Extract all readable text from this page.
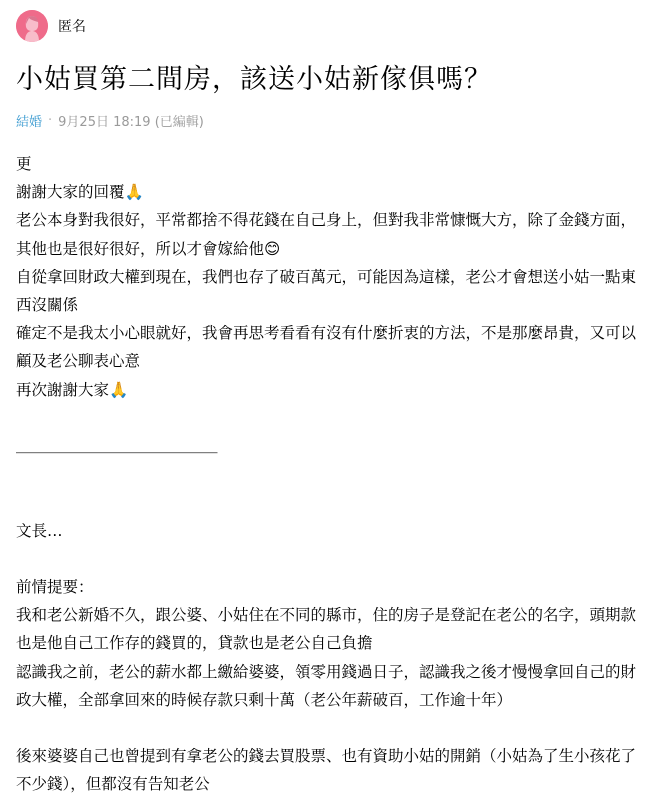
匿名
小姑買第二間房，該送小姑新傢俱嗎？
結婚 · 9月25日 18:19 (已編輯)

更

謝謝大家的回覆🙏

老公本身對我很好，平常都捨不得花錢在自己身上，但對我非常慷慨大方，除了金錢方面，其他也是很好很好，所以才會嫁給他😊

自從拿回財政大權到現在，我們也存了破百萬元，可能因為這樣，老公才會想送小姑一點東西沒關係

確定不是我太小心眼就好，我會再思考看看有沒有什麼折衷的方法，不是那麼昂貴，又可以顧及老公聊表心意

再次謝謝大家🙏

＿＿＿＿＿＿＿＿＿＿＿＿＿

文長…

前情提要：

我和老公新婚不久，跟公婆、小姑住在不同的縣市，住的房子是登記在老公的名字，頭期款也是他自己工作存的錢買的，貸款也是老公自己負擔

認識我之前，老公的薪水都上繳給婆婆，領零用錢過日子，認識我之後才慢慢拿回自己的財政大權，全部拿回來的時候存款只剩十萬（老公年薪破百，工作逾十年）

後來婆婆自己也曾提到有拿老公的錢去買股票、也有資助小姑的開銷（小姑為了生小孩花了不少錢），但都沒有告知老公
